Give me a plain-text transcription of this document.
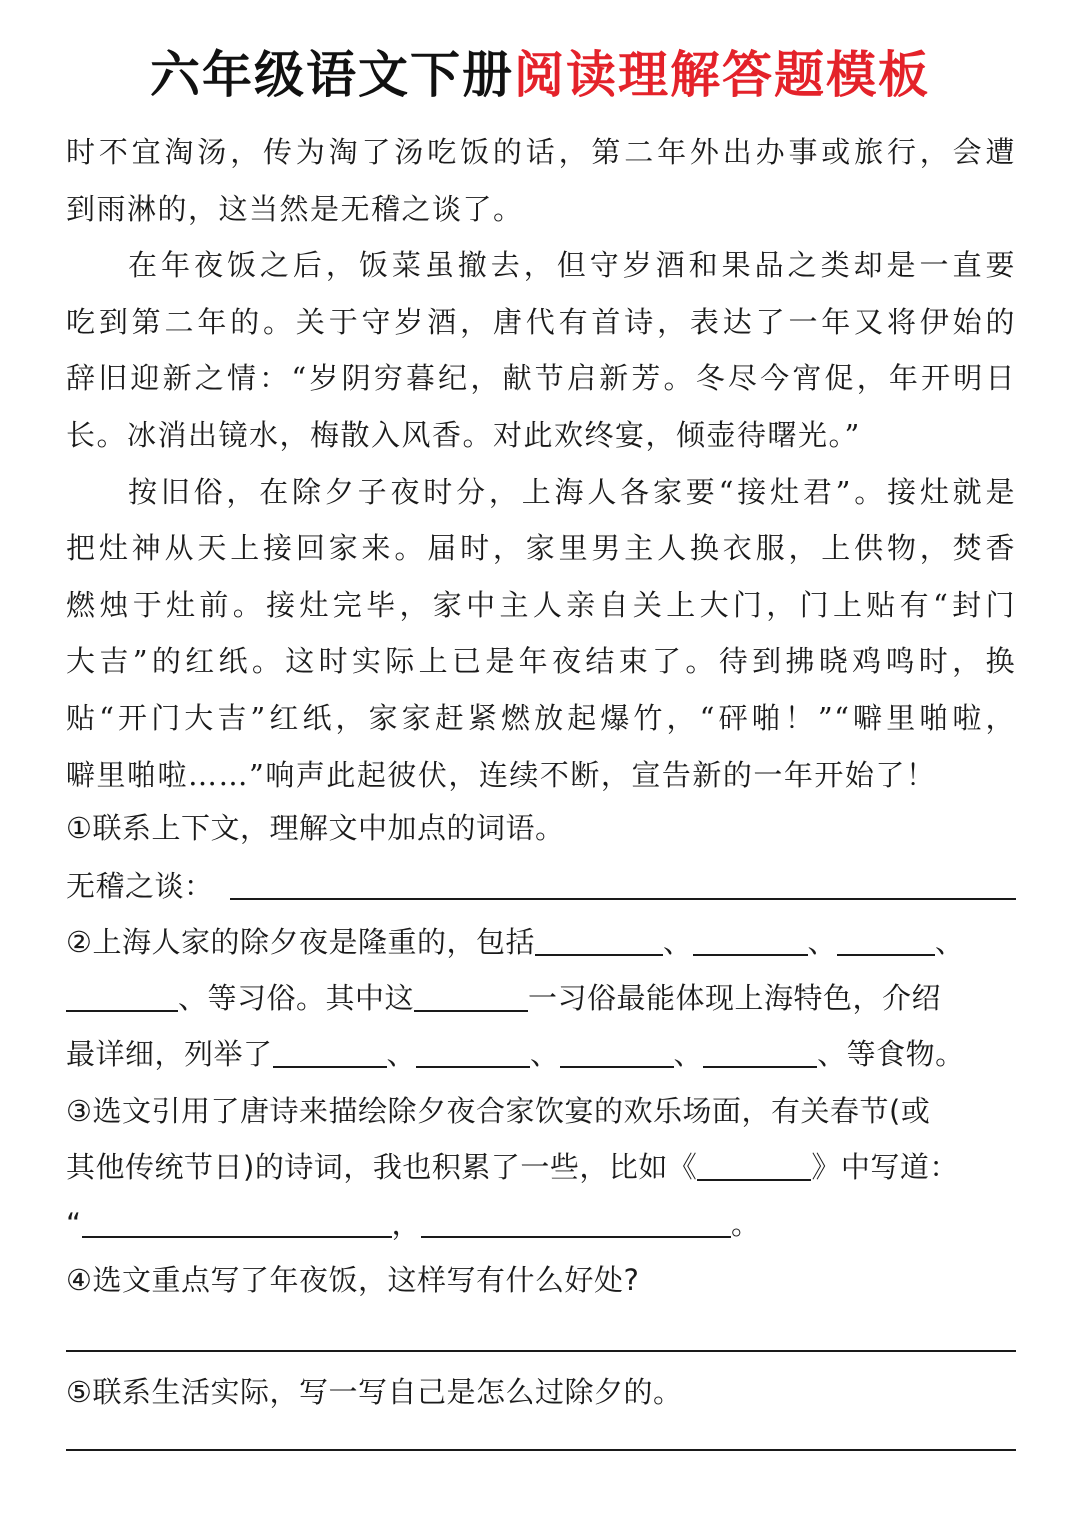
六年级语文下册阅读理解答题模板
时不宜淘汤，传为淘了汤吃饭的话，第二年外出办事或旅行，会遭
到雨淋的，这当然是无稽之谈了。
在年夜饭之后，饭菜虽撤去，但守岁酒和果品之类却是一直要
吃到第二年的。关于守岁酒，唐代有首诗，表达了一年又将伊始的
辞旧迎新之情：“岁阴穷暮纪，献节启新芳。冬尽今宵促，年开明日
长。冰消出镜水，梅散入风香。对此欢终宴，倾壶待曙光。”
按旧俗，在除夕子夜时分，上海人各家要“接灶君”。接灶就是
把灶神从天上接回家来。届时，家里男主人换衣服，上供物，焚香
燃烛于灶前。接灶完毕，家中主人亲自关上大门，门上贴有“封门
大吉”的红纸。这时实际上已是年夜结束了。待到拂晓鸡鸣时，换
贴“开门大吉”红纸，家家赶紧燃放起爆竹，“砰啪！”“噼里啪啦，
噼里啪啦……”响声此起彼伏，连续不断，宣告新的一年开始了！
①联系上下文，理解文中加点的词语。
无稽之谈：
②上海人家的除夕夜是隆重的，包括	、	、	、
、等习俗。其中这	一习俗最能体现上海特色，介绍
最详细，列举了	、	、	、	、等食物。
③选文引用了唐诗来描绘除夕夜合家饮宴的欢乐场面，有关春节(或
其他传统节日)的诗词，我也积累了一些，比如《	》中写道：
“	，	。
④选文重点写了年夜饭，这样写有什么好处?
⑤联系生活实际，写一写自己是怎么过除夕的。
